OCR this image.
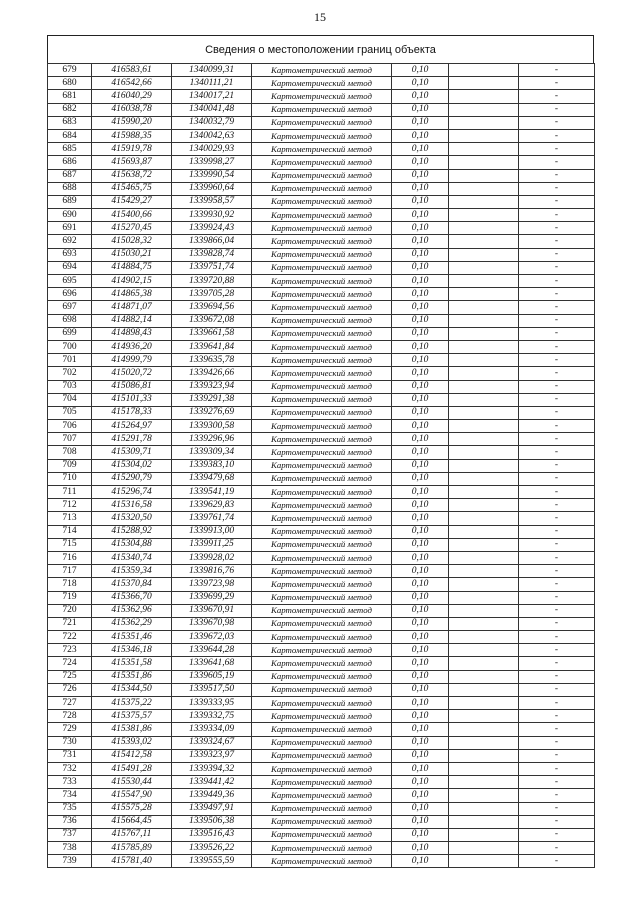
15
Сведения о местоположении границ объекта
679	416583,61	1340099,31	Картометрический метод	0,10		-
680	416542,66	1340111,21	Картометрический метод	0,10		-
681	416040,29	1340017,21	Картометрический метод	0,10		-
682	416038,78	1340041,48	Картометрический метод	0,10		-
683	415990,20	1340032,79	Картометрический метод	0,10		-
684	415988,35	1340042,63	Картометрический метод	0,10		-
685	415919,78	1340029,93	Картометрический метод	0,10		-
686	415693,87	1339998,27	Картометрический метод	0,10		-
687	415638,72	1339990,54	Картометрический метод	0,10		-
688	415465,75	1339960,64	Картометрический метод	0,10		-
689	415429,27	1339958,57	Картометрический метод	0,10		-
690	415400,66	1339930,92	Картометрический метод	0,10		-
691	415270,45	1339924,43	Картометрический метод	0,10		-
692	415028,32	1339866,04	Картометрический метод	0,10		-
693	415030,21	1339828,74	Картометрический метод	0,10		-
694	414884,75	1339751,74	Картометрический метод	0,10		-
695	414902,15	1339720,88	Картометрический метод	0,10		-
696	414865,38	1339705,28	Картометрический метод	0,10		-
697	414871,07	1339694,56	Картометрический метод	0,10		-
698	414882,14	1339672,08	Картометрический метод	0,10		-
699	414898,43	1339661,58	Картометрический метод	0,10		-
700	414936,20	1339641,84	Картометрический метод	0,10		-
701	414999,79	1339635,78	Картометрический метод	0,10		-
702	415020,72	1339426,66	Картометрический метод	0,10		-
703	415086,81	1339323,94	Картометрический метод	0,10		-
704	415101,33	1339291,38	Картометрический метод	0,10		-
705	415178,33	1339276,69	Картометрический метод	0,10		-
706	415264,97	1339300,58	Картометрический метод	0,10		-
707	415291,78	1339296,96	Картометрический метод	0,10		-
708	415309,71	1339309,34	Картометрический метод	0,10		-
709	415304,02	1339383,10	Картометрический метод	0,10		-
710	415290,79	1339479,68	Картометрический метод	0,10		-
711	415296,74	1339541,19	Картометрический метод	0,10		-
712	415316,58	1339629,83	Картометрический метод	0,10		-
713	415320,50	1339761,74	Картометрический метод	0,10		-
714	415288,92	1339913,00	Картометрический метод	0,10		-
715	415304,88	1339911,25	Картометрический метод	0,10		-
716	415340,74	1339928,02	Картометрический метод	0,10		-
717	415359,34	1339816,76	Картометрический метод	0,10		-
718	415370,84	1339723,98	Картометрический метод	0,10		-
719	415366,70	1339699,29	Картометрический метод	0,10		-
720	415362,96	1339670,91	Картометрический метод	0,10		-
721	415362,29	1339670,98	Картометрический метод	0,10		-
722	415351,46	1339672,03	Картометрический метод	0,10		-
723	415346,18	1339644,28	Картометрический метод	0,10		-
724	415351,58	1339641,68	Картометрический метод	0,10		-
725	415351,86	1339605,19	Картометрический метод	0,10		-
726	415344,50	1339517,50	Картометрический метод	0,10		-
727	415375,22	1339333,95	Картометрический метод	0,10		-
728	415375,57	1339332,75	Картометрический метод	0,10		-
729	415381,86	1339334,09	Картометрический метод	0,10		-
730	415393,02	1339324,67	Картометрический метод	0,10		-
731	415412,58	1339323,97	Картометрический метод	0,10		-
732	415491,28	1339394,32	Картометрический метод	0,10		-
733	415530,44	1339441,42	Картометрический метод	0,10		-
734	415547,90	1339449,36	Картометрический метод	0,10		-
735	415575,28	1339497,91	Картометрический метод	0,10		-
736	415664,45	1339506,38	Картометрический метод	0,10		-
737	415767,11	1339516,43	Картометрический метод	0,10		-
738	415785,89	1339526,22	Картометрический метод	0,10		-
739	415781,40	1339555,59	Картометрический метод	0,10		-
